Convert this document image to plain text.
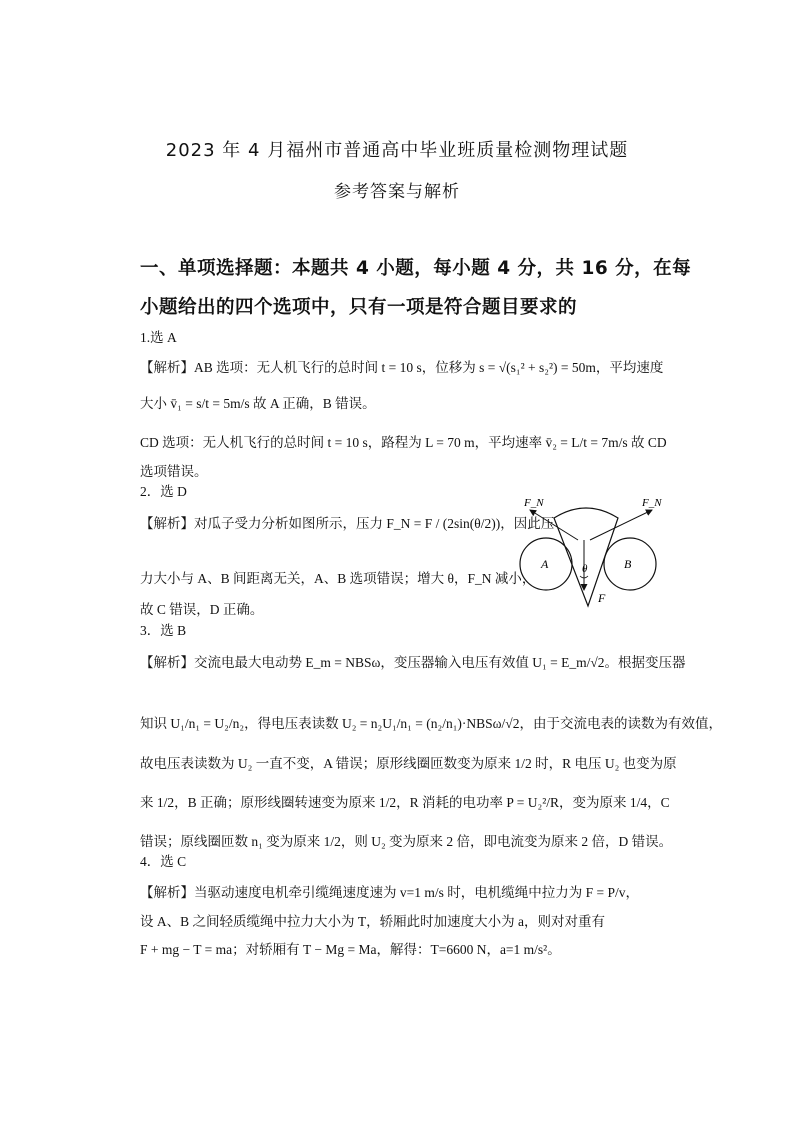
2023 年 4 月福州市普通高中毕业班质量检测物理试题
参考答案与解析
一、单项选择题：本题共 4 小题，每小题 4 分，共 16 分，在每
小题给出的四个选项中，只有一项是符合题目要求的
1.选 A
【解析】AB 选项：无人机飞行的总时间 t = 10 s，位移为 s = √(s₁² + s₂²) = 50m，平均速度
大小 v̄₁ = s/t = 5m/s 故 A 正确，B 错误。
CD 选项：无人机飞行的总时间 t = 10 s，路程为 L = 70 m，平均速率 v̄₂ = L/t = 7m/s 故 CD
选项错误。
2．选 D
【解析】对瓜子受力分析如图所示，压力 F_N = F / (2sin(θ/2))，因此压
力大小与 A、B 间距离无关，A、B 选项错误；增大 θ，F_N 减小，
故 C 错误，D 正确。
F_N	F_N
A	B
θ
F
3．选 B
【解析】交流电最大电动势 E_m = NBSω，变压器输入电压有效值 U₁ = E_m/√2。根据变压器
知识 U₁/n₁ = U₂/n₂，得电压表读数 U₂ = n₂U₁/n₁ = (n₂/n₁)·NBSω/√2，由于交流电表的读数为有效值，
故电压表读数为 U₂ 一直不变，A 错误；原形线圈匝数变为原来 1/2 时，R 电压 U₂ 也变为原
来 1/2，B 正确；原形线圈转速变为原来 1/2，R 消耗的电功率 P = U₂²/R，变为原来 1/4，C
错误；原线圈匝数 n₁ 变为原来 1/2，则 U₂ 变为原来 2 倍，即电流变为原来 2 倍，D 错误。
4．选 C
【解析】当驱动速度电机牵引缆绳速度速为 v=1 m/s 时，电机缆绳中拉力为 F = P/v，
设 A、B 之间轻质缆绳中拉力大小为 T，轿厢此时加速度大小为 a，则对对重有
F + mg − T = ma；对轿厢有 T − Mg = Ma，解得：T=6600 N，a=1 m/s²。
